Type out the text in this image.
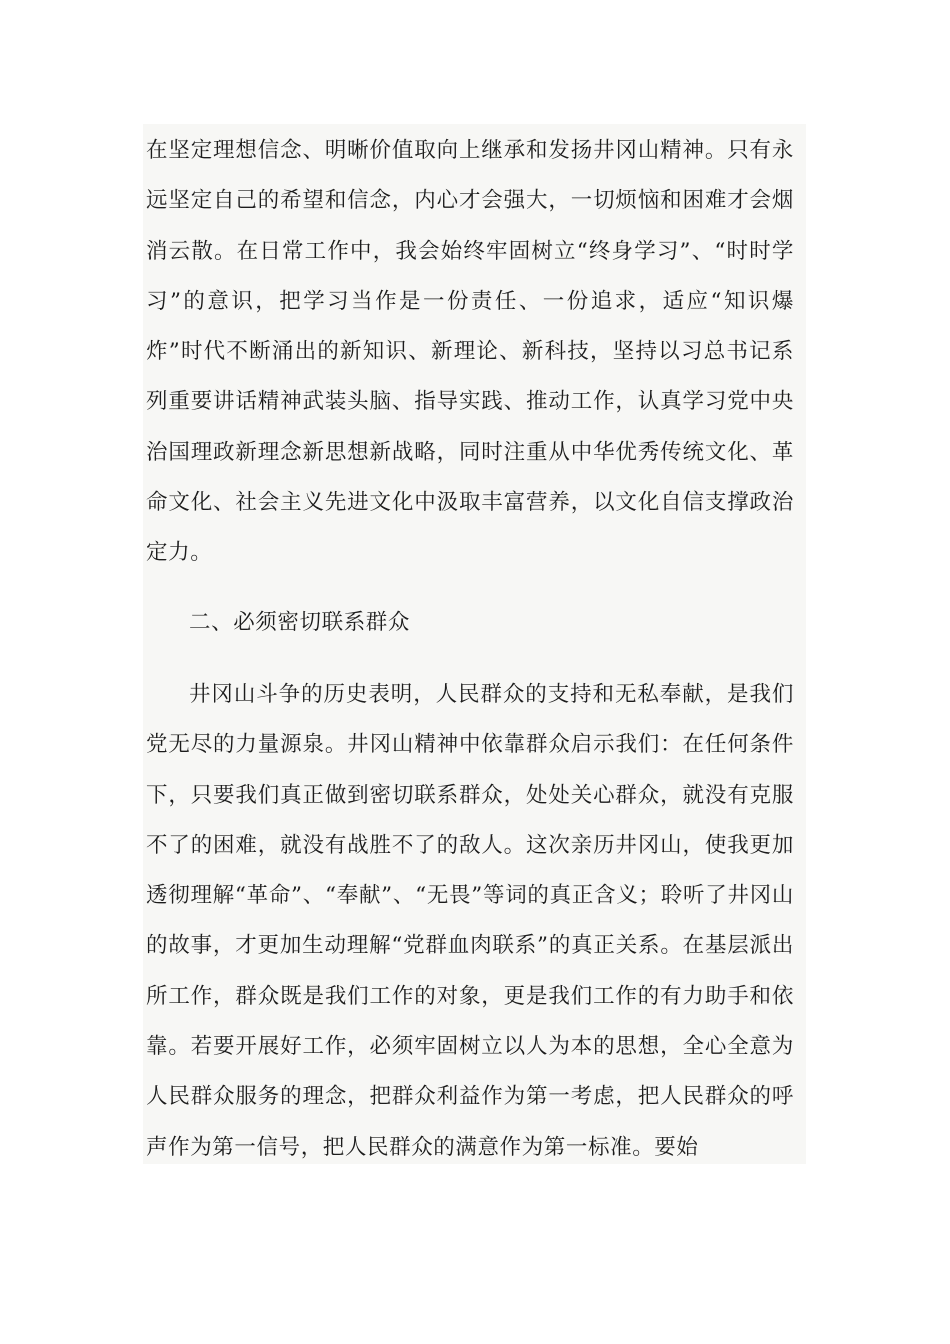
在坚定理想信念、明晰价值取向上继承和发扬井冈山精神。只有永远坚定自己的希望和信念，内心才会强大，一切烦恼和困难才会烟消云散。在日常工作中，我会始终牢固树立“终身学习”、“时时学习”的意识，把学习当作是一份责任、一份追求，适应“知识爆炸”时代不断涌出的新知识、新理论、新科技，坚持以习总书记系列重要讲话精神武装头脑、指导实践、推动工作，认真学习党中央治国理政新理念新思想新战略，同时注重从中华优秀传统文化、革命文化、社会主义先进文化中汲取丰富营养，以文化自信支撑政治定力。

二、必须密切联系群众

井冈山斗争的历史表明，人民群众的支持和无私奉献，是我们党无尽的力量源泉。井冈山精神中依靠群众启示我们：在任何条件下，只要我们真正做到密切联系群众，处处关心群众，就没有克服不了的困难，就没有战胜不了的敌人。这次亲历井冈山，使我更加透彻理解“革命”、“奉献”、“无畏”等词的真正含义；聆听了井冈山的故事，才更加生动理解“党群血肉联系”的真正关系。在基层派出所工作，群众既是我们工作的对象，更是我们工作的有力助手和依靠。若要开展好工作，必须牢固树立以人为本的思想，全心全意为人民群众服务的理念，把群众利益作为第一考虑，把人民群众的呼声作为第一信号，把人民群众的满意作为第一标准。要始
